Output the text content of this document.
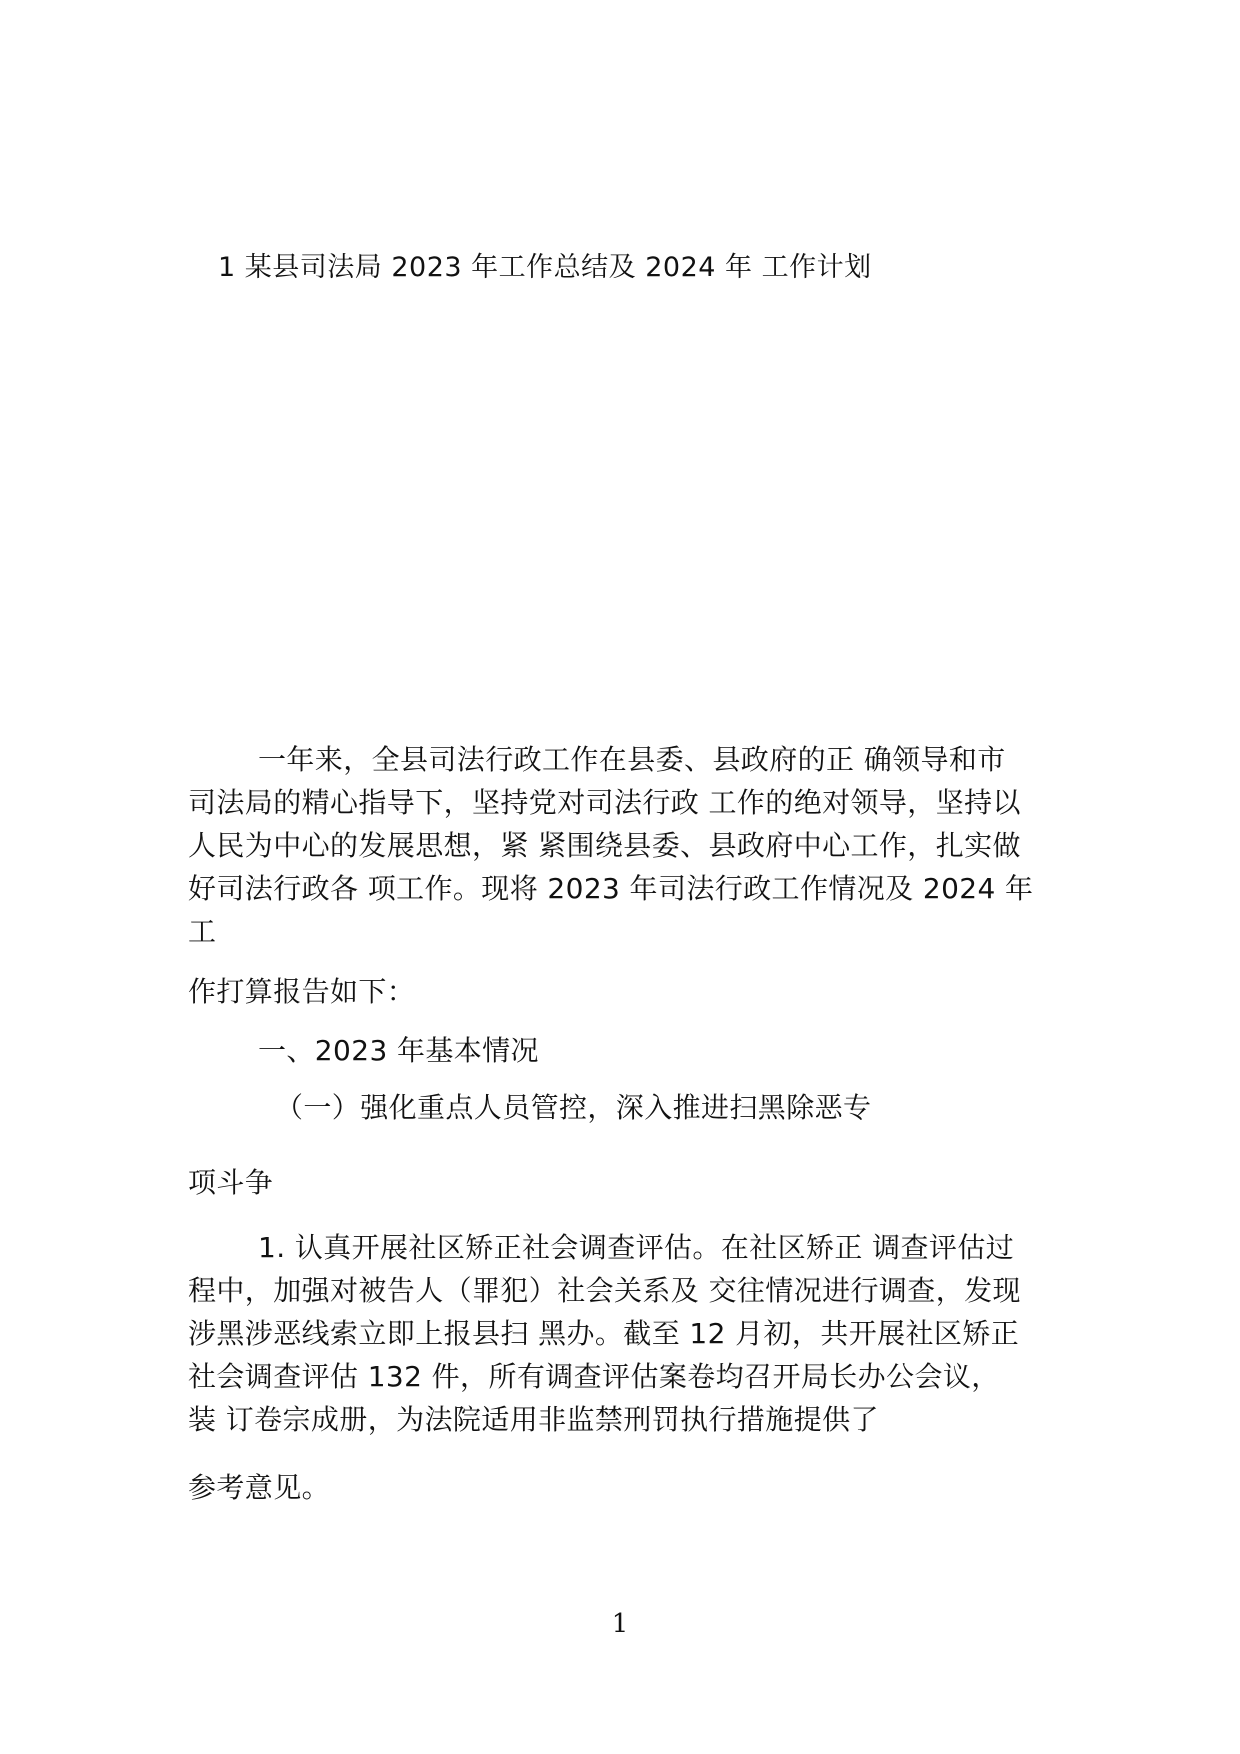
1 某县司法局 2023 年工作总结及 2024 年 工作计划
一年来，全县司法行政工作在县委、县政府的正 确领导和市
司法局的精心指导下，坚持党对司法行政 工作的绝对领导，坚持以
人民为中心的发展思想，紧 紧围绕县委、县政府中心工作，扎实做
好司法行政各 项工作。现将 2023 年司法行政工作情况及 2024 年
工
作打算报告如下：
一、2023 年基本情况
（一）强化重点人员管控，深入推进扫黑除恶专
项斗争
1. 认真开展社区矫正社会调查评估。在社区矫正 调查评估过
程中，加强对被告人（罪犯）社会关系及 交往情况进行调查，发现
涉黑涉恶线索立即上报县扫 黑办。截至 12 月初，共开展社区矫正
社会调查评估 132 件，所有调查评估案卷均召开局长办公会议，
装 订卷宗成册，为法院适用非监禁刑罚执行措施提供了
参考意见。
1
